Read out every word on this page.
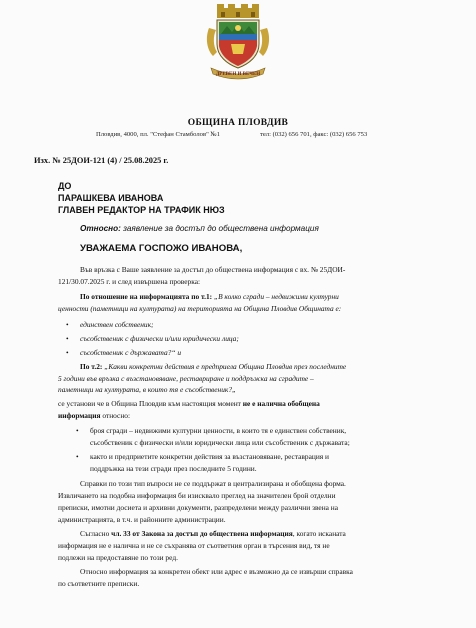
ДРЕВЕН И ВЕЧЕН
ОБЩИНА ПЛОВДИВ
Пловдив, 4000, пл. "Стефан Стамболов" №1	тел: (032) 656 701, факс: (032) 656 753
Изх. № 25ДОИ-121 (4) / 25.08.2025 г.
ДО
ПАРАШКЕВА ИВАНОВА
ГЛАВЕН РЕДАКТОР НА ТРАФИК НЮЗ
Относно: заявление за достъп до обществена информация
УВАЖАЕМА ГОСПОЖО ИВАНОВА,
Във връзка с Ваше заявление за достъп до обществена информация с вх. № 25ДОИ-
121/30.07.2025 г. и след извършена проверка:
По отношение на информацията по т.1: „В колко сгради – недвижими културни
ценности (паметници на културата) на територията на Община Пловдив Общината е:
• единствен собственик;
• съсобственик с физически и/или юридически лица;
• съсобственик с държавата?“ и
По т.2: „Какви конкретни действия е предприела Община Пловдив през последните
5 години във връзка с възстановяване, реставриране и поддръжка на сградите –
паметници на културата, в които тя е съсобственик?„
се установи че в Община Пловдив към настоящия момент не е налична обобщена
информация относно:
• броя сгради – недвижими културни ценности, в които тя е единствен собственик,
съсобственик с физически и/или юридически лица или съсобственик с държавата;
• както и предприетите конкретни действия за възстановяване, реставрация и
поддръжка на тези сгради през последните 5 години.
Справки по този тип въпроси не се поддържат в централизирана и обобщена форма.
Извличането на подобна информация би изисквало преглед на значителен брой отделни
преписки, имотни досиета и архивни документи, разпределени между различни звена на
администрацията, в т.ч. и районните администрации.
Съгласно чл. 33 от Закона за достъп до обществена информация, когато исканата
информация не е налична и не се съхранява от съответния орган в търсения вид, тя не
подлежи на предоставяне по този ред.
Относно информация за конкретен обект или адрес е възможно да се извърши справка
по съответните преписки.
